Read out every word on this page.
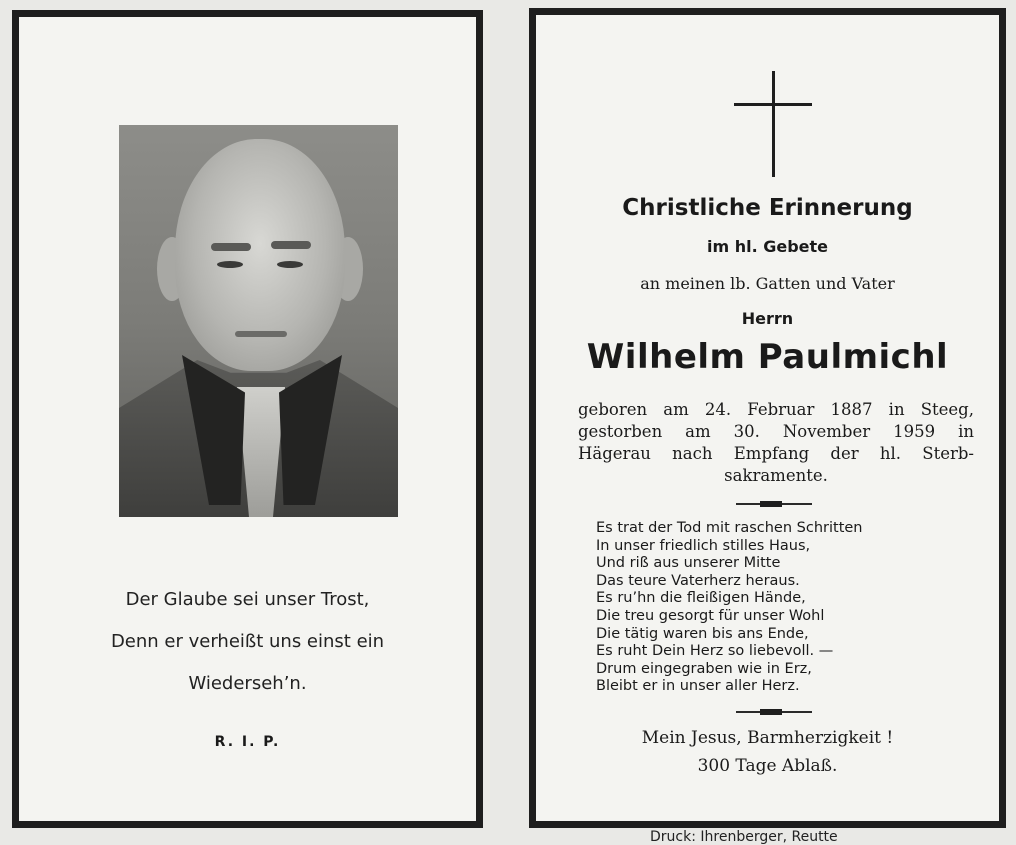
Der Glaube sei unser Trost,
Denn er verheißt uns einst ein
Wiederseh’n.
R. I. P.
Christliche Erinnerung
im hl. Gebete
an meinen lb. Gatten und Vater
Herrn
Wilhelm Paulmichl
geboren am 24. Februar 1887 in Steeg,
gestorben am 30. November 1959 in
Hägerau nach Empfang der hl. Sterb-
sakramente.
Es trat der Tod mit raschen Schritten
In unser friedlich stilles Haus,
Und riß aus unserer Mitte
Das teure Vaterherz heraus.
Es ru’hn die fleißigen Hände,
Die treu gesorgt für unser Wohl
Die tätig waren bis ans Ende,
Es ruht Dein Herz so liebevoll. —
Drum eingegraben wie in Erz,
Bleibt er in unser aller Herz.
Mein Jesus, Barmherzigkeit !
300 Tage Ablaß.
Druck: Ihrenberger, Reutte
